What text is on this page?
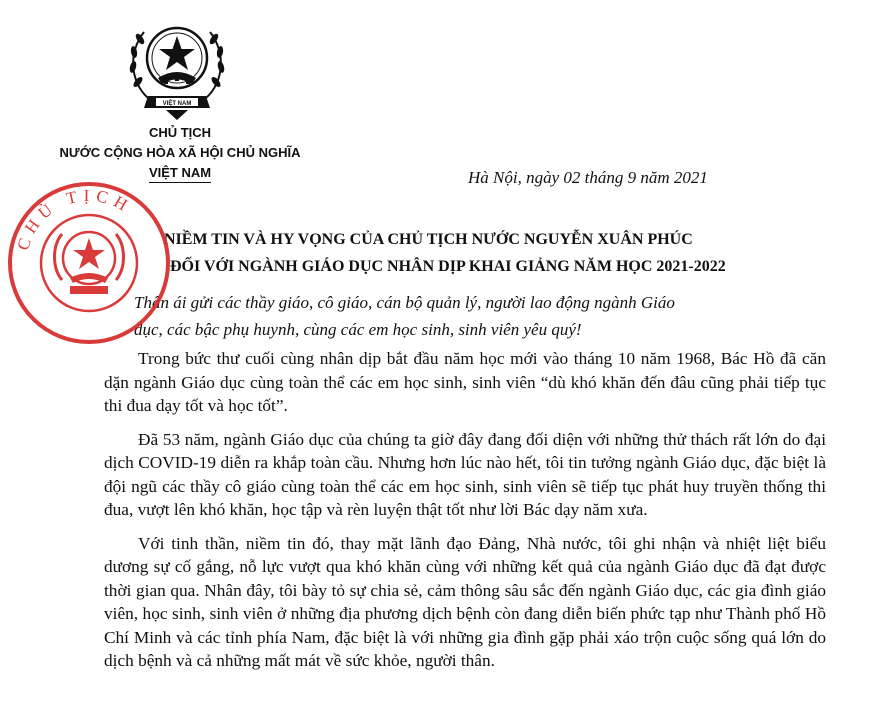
VIỆT NAM
CHỦ TỊCH
NƯỚC CỘNG HÒA XÃ HỘI CHỦ NGHĨA
VIỆT NAM	Hà Nội, ngày 02 tháng 9 năm 2021
NIỀM TIN VÀ HY VỌNG CỦA CHỦ TỊCH NƯỚC NGUYỄN XUÂN PHÚC
ĐỐI VỚI NGÀNH GIÁO DỤC NHÂN DỊP KHAI GIẢNG NĂM HỌC 2021-2022
Thân ái gửi các thầy giáo, cô giáo, cán bộ quản lý, người lao động ngành Giáo
dục, các bậc phụ huynh, cùng các em học sinh, sinh viên yêu quý!

Trong bức thư cuối cùng nhân dịp bắt đầu năm học mới vào tháng 10 năm 1968, Bác Hồ đã căn dặn ngành Giáo dục cùng toàn thể các em học sinh, sinh viên “dù khó khăn đến đâu cũng phải tiếp tục thi đua dạy tốt và học tốt”.

Đã 53 năm, ngành Giáo dục của chúng ta giờ đây đang đối diện với những thử thách rất lớn do đại dịch COVID-19 diễn ra khắp toàn cầu. Nhưng hơn lúc nào hết, tôi tin tưởng ngành Giáo dục, đặc biệt là đội ngũ các thầy cô giáo cùng toàn thể các em học sinh, sinh viên sẽ tiếp tục phát huy truyền thống thi đua, vượt lên khó khăn, học tập và rèn luyện thật tốt như lời Bác dạy năm xưa.

Với tinh thần, niềm tin đó, thay mặt lãnh đạo Đảng, Nhà nước, tôi ghi nhận và nhiệt liệt biểu dương sự cố gắng, nỗ lực vượt qua khó khăn cùng với những kết quả của ngành Giáo dục đã đạt được thời gian qua. Nhân đây, tôi bày tỏ sự chia sẻ, cảm thông sâu sắc đến ngành Giáo dục, các gia đình giáo viên, học sinh, sinh viên ở những địa phương dịch bệnh còn đang diễn biến phức tạp như Thành phố Hồ Chí Minh và các tỉnh phía Nam, đặc biệt là với những gia đình gặp phải xáo trộn cuộc sống quá lớn do dịch bệnh và cả những mất mát về sức khỏe, người thân.

CHỦ TỊCH
